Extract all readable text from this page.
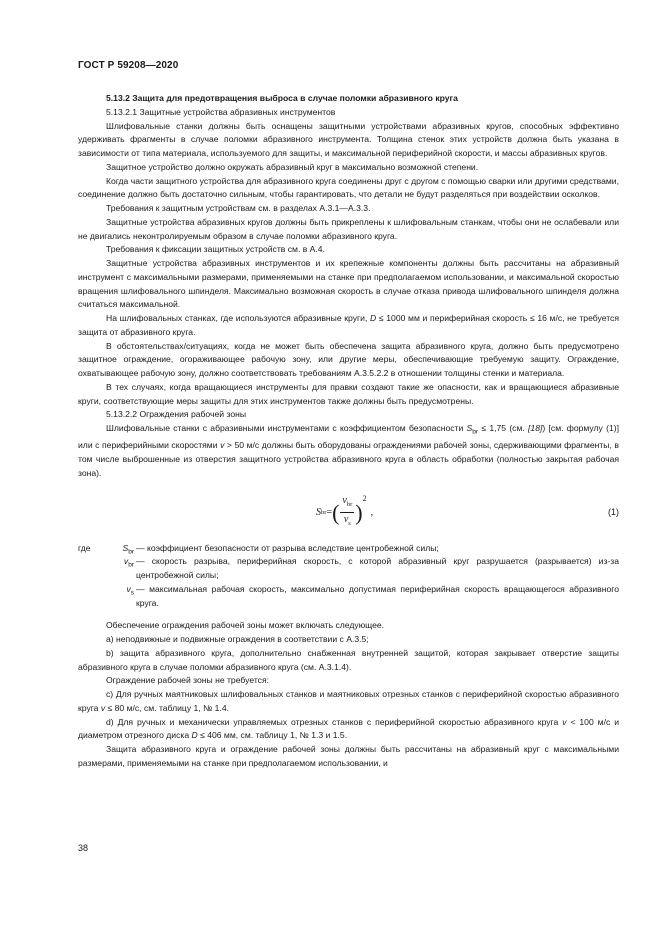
ГОСТ Р 59208—2020

5.13.2 Защита для предотвращения выброса в случае поломки абразивного круга

5.13.2.1 Защитные устройства абразивных инструментов

Шлифовальные станки должны быть оснащены защитными устройствами абразивных кругов, способных эффективно удерживать фрагменты в случае поломки абразивного инструмента. Толщина стенок этих устройств должна быть указана в зависимости от типа материала, используемого для защиты, и максимальной периферийной скорости, и массы абразивных кругов.

Защитное устройство должно окружать абразивный круг в максимально возможной степени.

Когда части защитного устройства для абразивного круга соединены друг с другом с помощью сварки или другими средствами, соединение должно быть достаточно сильным, чтобы гарантировать, что детали не будут разделяться при воздействии осколков.

Требования к защитным устройствам см. в разделах А.3.1—А.3.3.

Защитные устройства абразивных кругов должны быть прикреплены к шлифовальным станкам, чтобы они не ослабевали или не двигались неконтролируемым образом в случае поломки абразивного круга.

Требования к фиксации защитных устройств см. в А.4.

Защитные устройства абразивных инструментов и их крепежные компоненты должны быть рассчитаны на абразивный инструмент с максимальными размерами, применяемыми на станке при предполагаемом использовании, и максимальной скоростью вращения шлифовального шпинделя. Максимально возможная скорость в случае отказа привода шлифовального шпинделя должна считаться максимальной.

На шлифовальных станках, где используются абразивные круги, D ≤ 1000 мм и периферийная скорость ≤ 16 м/с, не требуется защита от абразивного круга.

В обстоятельствах/ситуациях, когда не может быть обеспечена защита абразивного круга, должно быть предусмотрено защитное ограждение, огораживающее рабочую зону, или другие меры, обеспечивающие требуемую защиту. Ограждение, охватывающее рабочую зону, должно соответствовать требованиям А.3.5.2.2 в отношении толщины стенки и материала.

В тех случаях, когда вращающиеся инструменты для правки создают такие же опасности, как и вращающиеся абразивные круги, соответствующие меры защиты для этих инструментов также должны быть предусмотрены.

5.13.2.2 Ограждения рабочей зоны

Шлифовальные станки с абразивными инструментами с коэффициентом безопасности $S_{br} \le 1,75$ (см. [18]) [см. формулу (1)] или с периферийными скоростями v > 50 м/с должны быть оборудованы ограждениями рабочей зоны, сдерживающими фрагменты, в том числе выброшенные из отверстия защитного устройства абразивного круга в область обработки (полностью закрытая рабочая зона).

S br = ( $\frac{v_{br}}{v_s}$ )
2
,	(1)
где	$S_{br}$ — коэффициент безопасности от разрыва вследствие центробежной силы;
$v_{br}$ — скорость разрыва, периферийная скорость, с которой абразивный круг разрушается (разрывается) из-за центробежной силы;
$v_s$ — максимальная рабочая скорость, максимально допустимая периферийная скорость вращающегося абразивного круга.

Обеспечение ограждения рабочей зоны может включать следующее.

а) неподвижные и подвижные ограждения в соответствии с А.3.5;

b) защита абразивного круга, дополнительно снабженная внутренней защитой, которая закрывает отверстие защиты абразивного круга в случае поломки абразивного круга (см. А.3.1.4).

Ограждение рабочей зоны не требуется:

c) Для ручных маятниковых шлифовальных станков и маятниковых отрезных станков с периферийной скоростью абразивного круга v ≤ 80 м/с, см. таблицу 1, № 1.4.

d) Для ручных и механически управляемых отрезных станков с периферийной скоростью абразивного круга v < 100 м/с и диаметром отрезного диска D ≤ 406 мм, см. таблицу 1, № 1.3 и 1.5.

Защита абразивного круга и ограждение рабочей зоны должны быть рассчитаны на абразивный круг с максимальными размерами, применяемыми на станке при предполагаемом использовании, и

38
